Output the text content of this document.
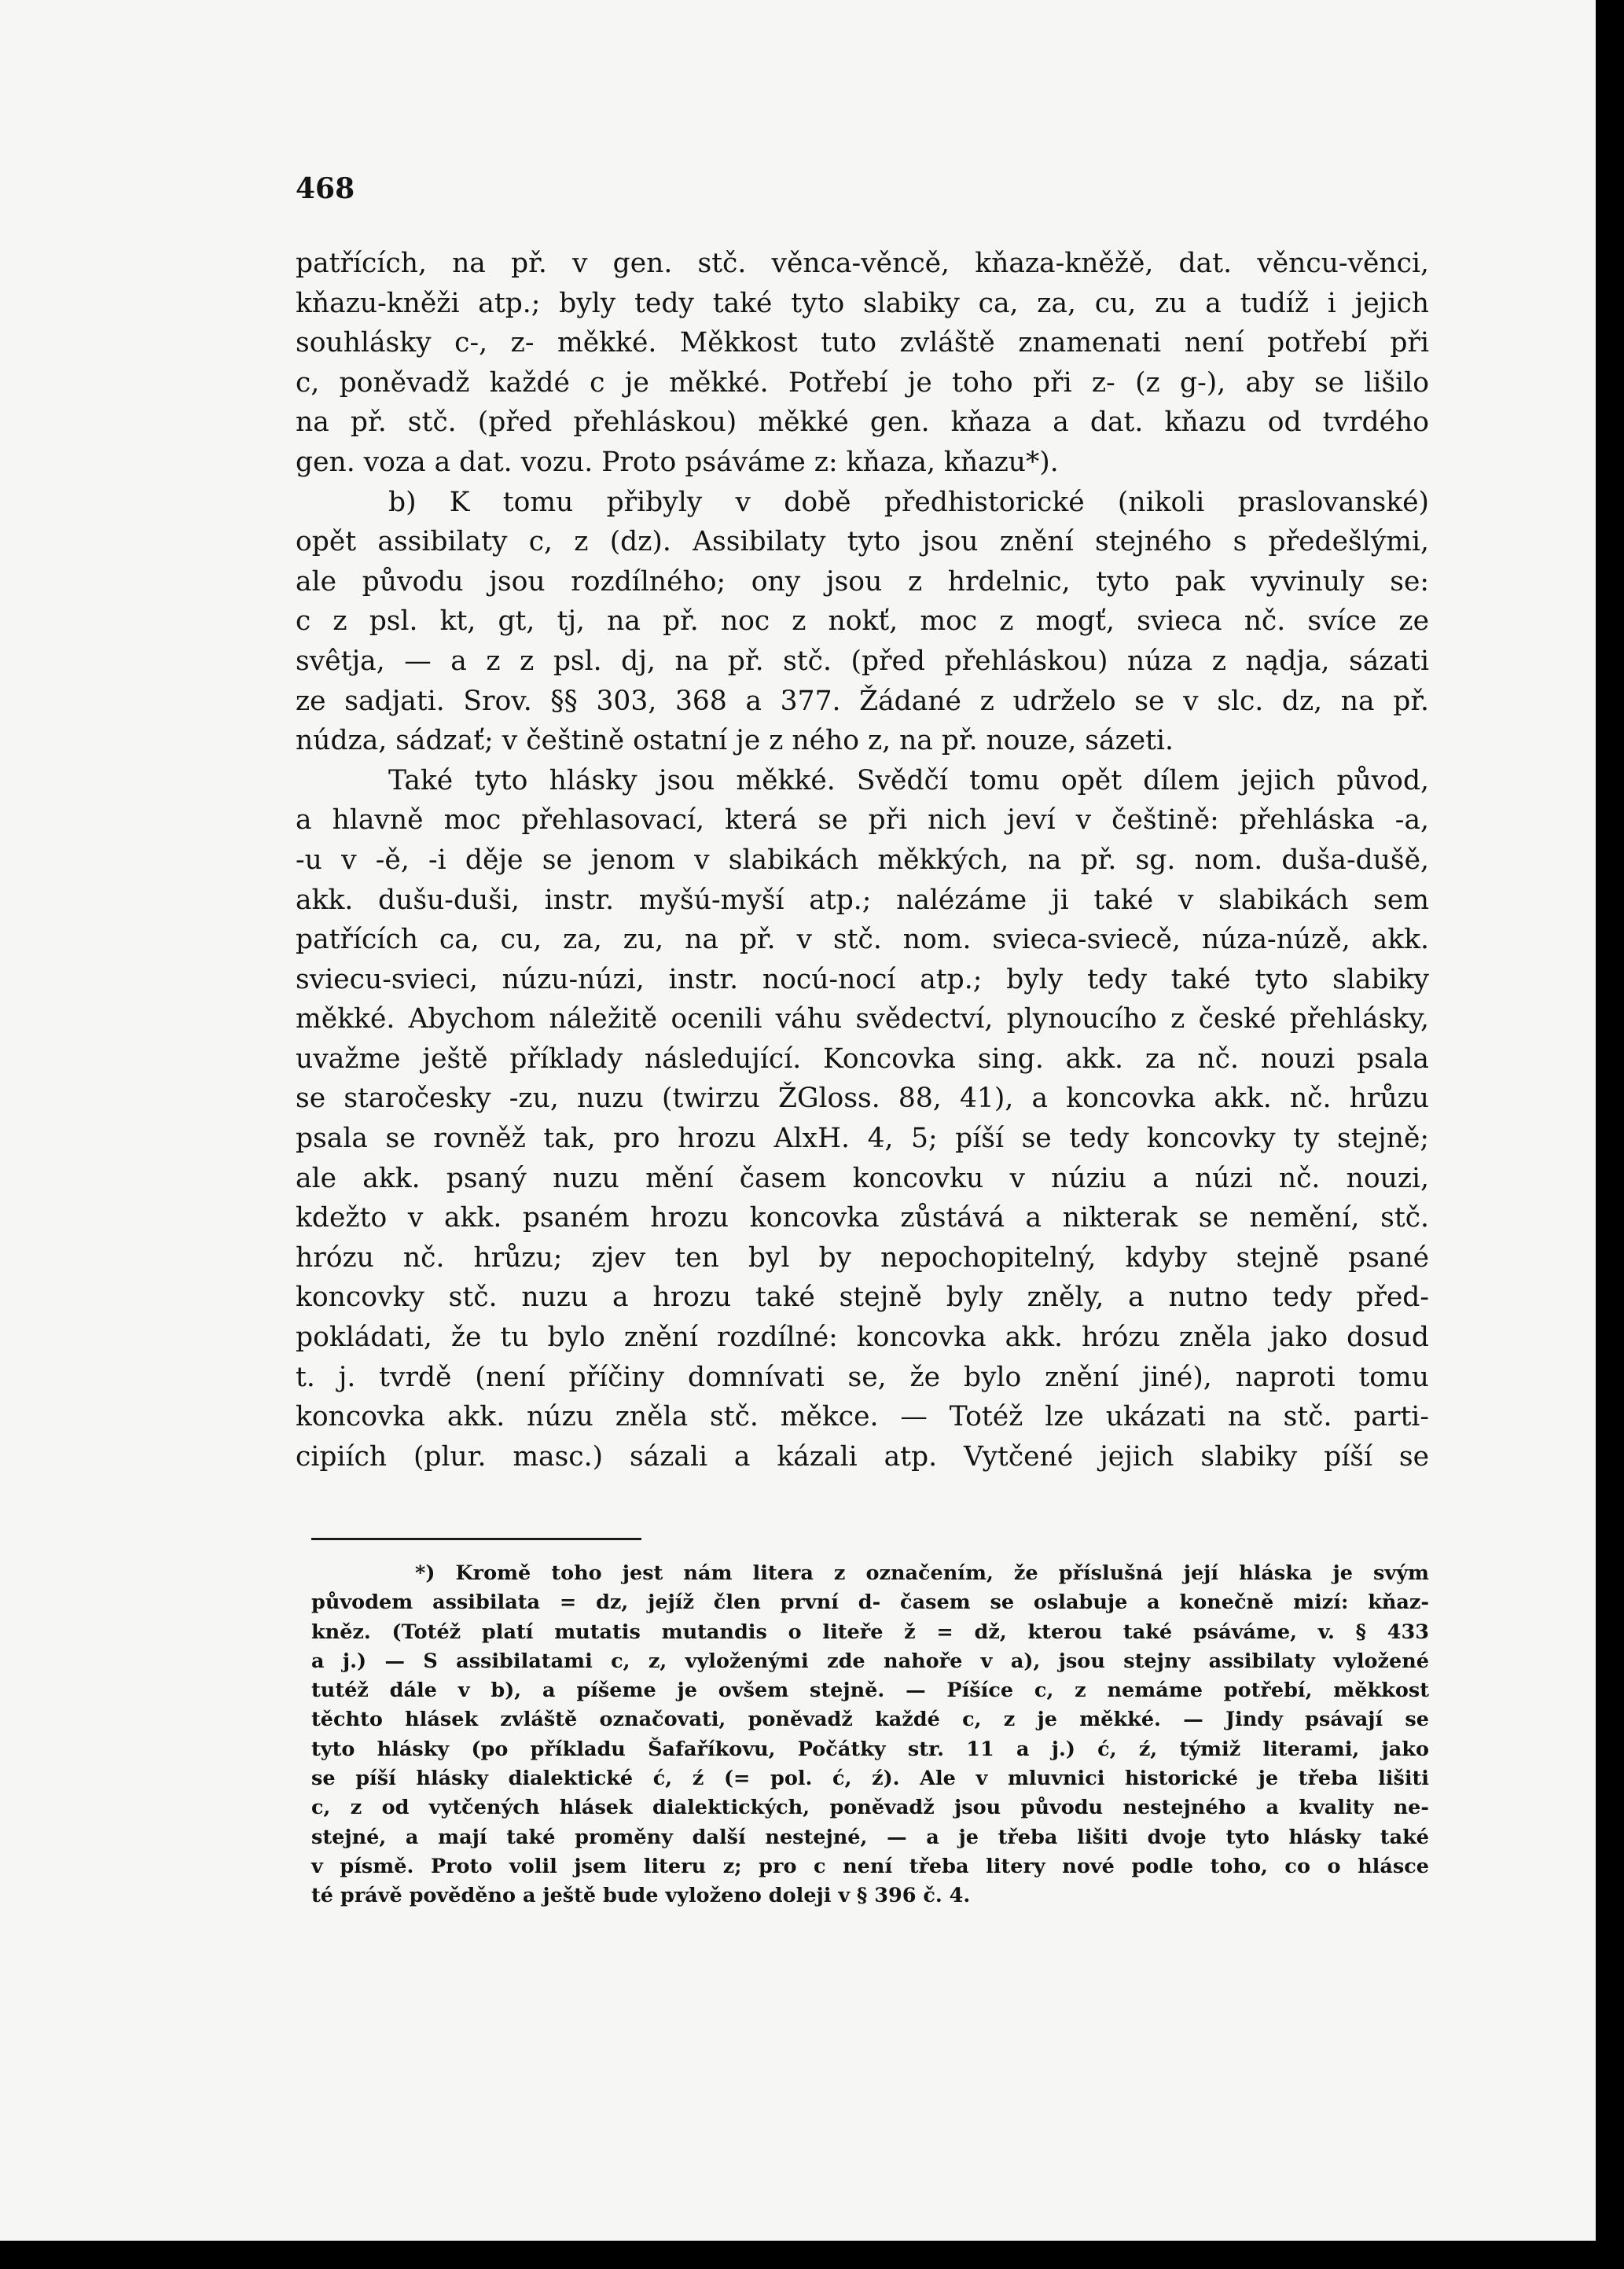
468
patřících, na př. v gen. stč. věnca-věncě, kňaza-kněžě, dat. věncu-věnci,
kňazu-kněži atp.; byly tedy také tyto slabiky ca, za, cu, zu a tudíž i jejich
souhlásky c-, z- měkké. Měkkost tuto zvláště znamenati není potřebí při
c, poněvadž každé c je měkké. Potřebí je toho při z- (z g-), aby se lišilo
na př. stč. (před přehláskou) měkké gen. kňaza a dat. kňazu od tvrdého
gen. voza a dat. vozu. Proto psáváme z: kňaza, kňazu*).
b) K tomu přibyly v době předhistorické (nikoli praslovanské)
opět assibilaty c, z (dz). Assibilaty tyto jsou znění stejného s předešlými,
ale původu jsou rozdílného; ony jsou z hrdelnic, tyto pak vyvinuly se:
c z psl. kt, gt, tj, na př. noc z nokť, moc z mogť, svieca nč. svíce ze
svêtja, — a z z psl. dj, na př. stč. (před přehláskou) núza z nądja, sázati
ze sadjati. Srov. §§ 303, 368 a 377. Žádané z udrželo se v slc. dz, na př.
núdza, sádzať; v češtině ostatní je z ného z, na př. nouze, sázeti.
Také tyto hlásky jsou měkké. Svědčí tomu opět dílem jejich původ,
a hlavně moc přehlasovací, která se při nich jeví v češtině: přehláska -a,
-u v -ě, -i děje se jenom v slabikách měkkých, na př. sg. nom. duša-dušě,
akk. dušu-duši, instr. myšú-myší atp.; nalézáme ji také v slabikách sem
patřících ca, cu, za, zu, na př. v stč. nom. svieca-sviecě, núza-núzě, akk.
sviecu-svieci, núzu-núzi, instr. nocú-nocí atp.; byly tedy také tyto slabiky
měkké. Abychom náležitě ocenili váhu svědectví, plynoucího z české přehlásky,
uvažme ještě příklady následující. Koncovka sing. akk. za nč. nouzi psala
se staročesky -zu, nuzu (twirzu ŽGloss. 88, 41), a koncovka akk. nč. hrůzu
psala se rovněž tak, pro hrozu AlxH. 4, 5; píší se tedy koncovky ty stejně;
ale akk. psaný nuzu mění časem koncovku v núziu a núzi nč. nouzi,
kdežto v akk. psaném hrozu koncovka zůstává a nikterak se nemění, stč.
hrózu nč. hrůzu; zjev ten byl by nepochopitelný, kdyby stejně psané
koncovky stč. nuzu a hrozu také stejně byly zněly, a nutno tedy před-
pokládati, že tu bylo znění rozdílné: koncovka akk. hrózu zněla jako dosud
t. j. tvrdě (není příčiny domnívati se, že bylo znění jiné), naproti tomu
koncovka akk. núzu zněla stč. měkce. — Totéž lze ukázati na stč. parti-
cipiích (plur. masc.) sázali a kázali atp. Vytčené jejich slabiky píší se
*) Kromě toho jest nám litera z označením, že příslušná její hláska je svým
původem assibilata = dz, jejíž člen první d- časem se oslabuje a konečně mizí: kňaz-
kněz. (Totéž platí mutatis mutandis o liteře ž = dž, kterou také psáváme, v. § 433
a j.) — S assibilatami c, z, vyloženými zde nahoře v a), jsou stejny assibilaty vyložené
tutéž dále v b), a píšeme je ovšem stejně. — Píšíce c, z nemáme potřebí, měkkost
těchto hlásek zvláště označovati, poněvadž každé c, z je měkké. — Jindy psávají se
tyto hlásky (po příkladu Šafaříkovu, Počátky str. 11 a j.) ć, ź, týmiž literami, jako
se píší hlásky dialektické ć, ź (= pol. ć, ź). Ale v mluvnici historické je třeba lišiti
c, z od vytčených hlásek dialektických, poněvadž jsou původu nestejného a kvality ne-
stejné, a mají také proměny další nestejné, — a je třeba lišiti dvoje tyto hlásky také
v písmě. Proto volil jsem literu z; pro c není třeba litery nové podle toho, co o hlásce
té právě pověděno a ještě bude vyloženo doleji v § 396 č. 4.
